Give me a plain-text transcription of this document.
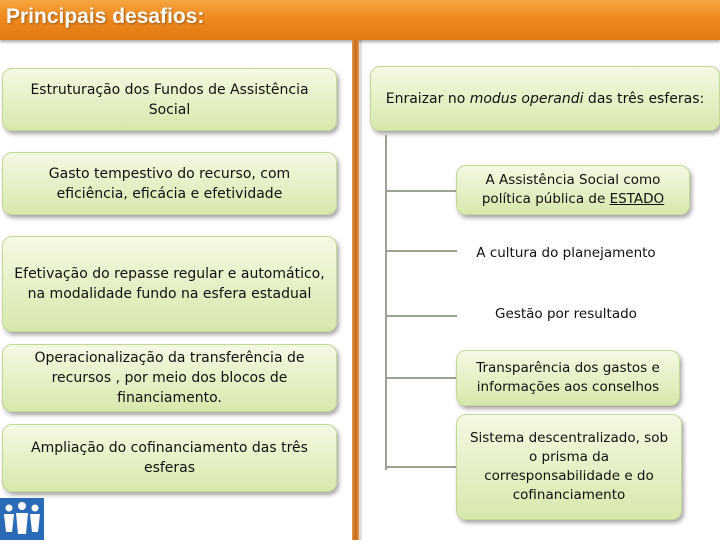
Principais desafios:
Estruturação dos Fundos de Assistência Social
Gasto tempestivo do recurso, com eficiência, eficácia e efetividade
Efetivação do repasse regular e automático, na modalidade fundo na esfera estadual
Operacionalização da transferência de recursos , por meio dos blocos de financiamento.
Ampliação do cofinanciamento das três esferas
Enraizar no modus operandi das três esferas:
A Assistência Social como política pública de ESTADO
A cultura do planejamento
Gestão por resultado
Transparência dos gastos e informações aos conselhos
Sistema descentralizado, sob o prisma da corresponsabilidade e do cofinanciamento
